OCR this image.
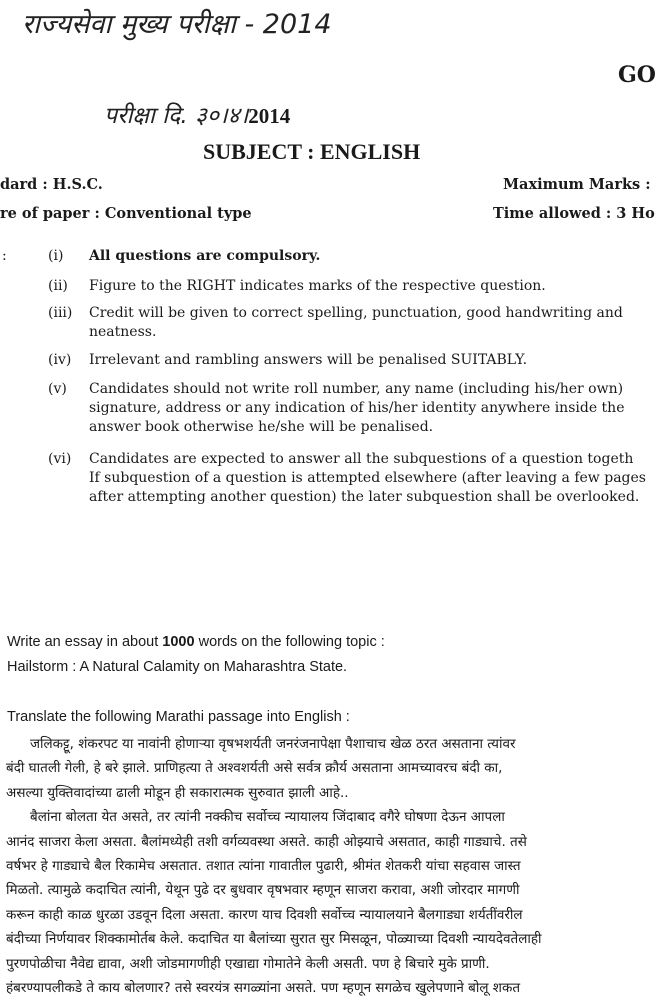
राज्यसेवा मुख्य परीक्षा - 2014
GO
परीक्षा दि. ३०।४।2014
SUBJECT : ENGLISH
dard : H.S.C.	Maximum Marks :
re of paper : Conventional type	Time allowed : 3 Ho
:	(i) All questions are compulsory.
(ii) Figure to the RIGHT indicates marks of the respective question.
(iii) Credit will be given to correct spelling, punctuation, good handwriting and
neatness.
(iv) Irrelevant and rambling answers will be penalised SUITABLY.
(v) Candidates should not write roll number, any name (including his/her own)
signature, address or any indication of his/her identity anywhere inside the
answer book otherwise he/she will be penalised.
(vi) Candidates are expected to answer all the subquestions of a question togeth
If subquestion of a question is attempted elsewhere (after leaving a few pages
after attempting another question) the later subquestion shall be overlooked.
Write an essay in about 1000 words on the following topic :
Hailstorm : A Natural Calamity on Maharashtra State.
Translate the following Marathi passage into English :
जलिकट्टू, शंकरपट या नावांनी होणाऱ्या वृषभशर्यती जनरंजनापेक्षा पैशाचाच खेळ ठरत असताना त्यांवर
बंदी घातली गेली, हे बरे झाले. प्राणिहत्या ते अश्वशर्यती असे सर्वत्र क्रौर्य असताना आमच्यावरच बंदी का,
असल्या युक्तिवादांच्या ढाली मोडून ही सकारात्मक सुरुवात झाली आहे..
बैलांना बोलता येत असते, तर त्यांनी नक्कीच सर्वोच्च न्यायालय जिंदाबाद वगैरे घोषणा देऊन आपला
आनंद साजरा केला असता. बैलांमध्येही तशी वर्गव्यवस्था असते. काही ओझ्याचे असतात, काही गाड्याचे. तसे
वर्षभर हे गाड्याचे बैल रिकामेच असतात. तशात त्यांना गावातील पुढारी, श्रीमंत शेतकरी यांचा सहवास जास्त
मिळतो. त्यामुळे कदाचित त्यांनी, येथून पुढे दर बुधवार वृषभवार म्हणून साजरा करावा, अशी जोरदार मागणी
करून काही काळ धुरळा उडवून दिला असता. कारण याच दिवशी सर्वोच्च न्यायालयाने बैलगाड्या शर्यतींवरील
बंदीच्या निर्णयावर शिक्कामोर्तब केले. कदाचित या बैलांच्या सुरात सुर मिसळून, पोळ्याच्या दिवशी न्यायदेवतेलाही
पुरणपोळीचा नैवेद्य द्यावा, अशी जोडमागणीही एखाद्या गोमातेने केली असती. पण हे बिचारे मुके प्राणी.
हंबरण्यापलीकडे ते काय बोलणार? तसे स्वरयंत्र सगळ्यांना असते. पण म्हणून सगळेच खुलेपणाने बोलू शकत
